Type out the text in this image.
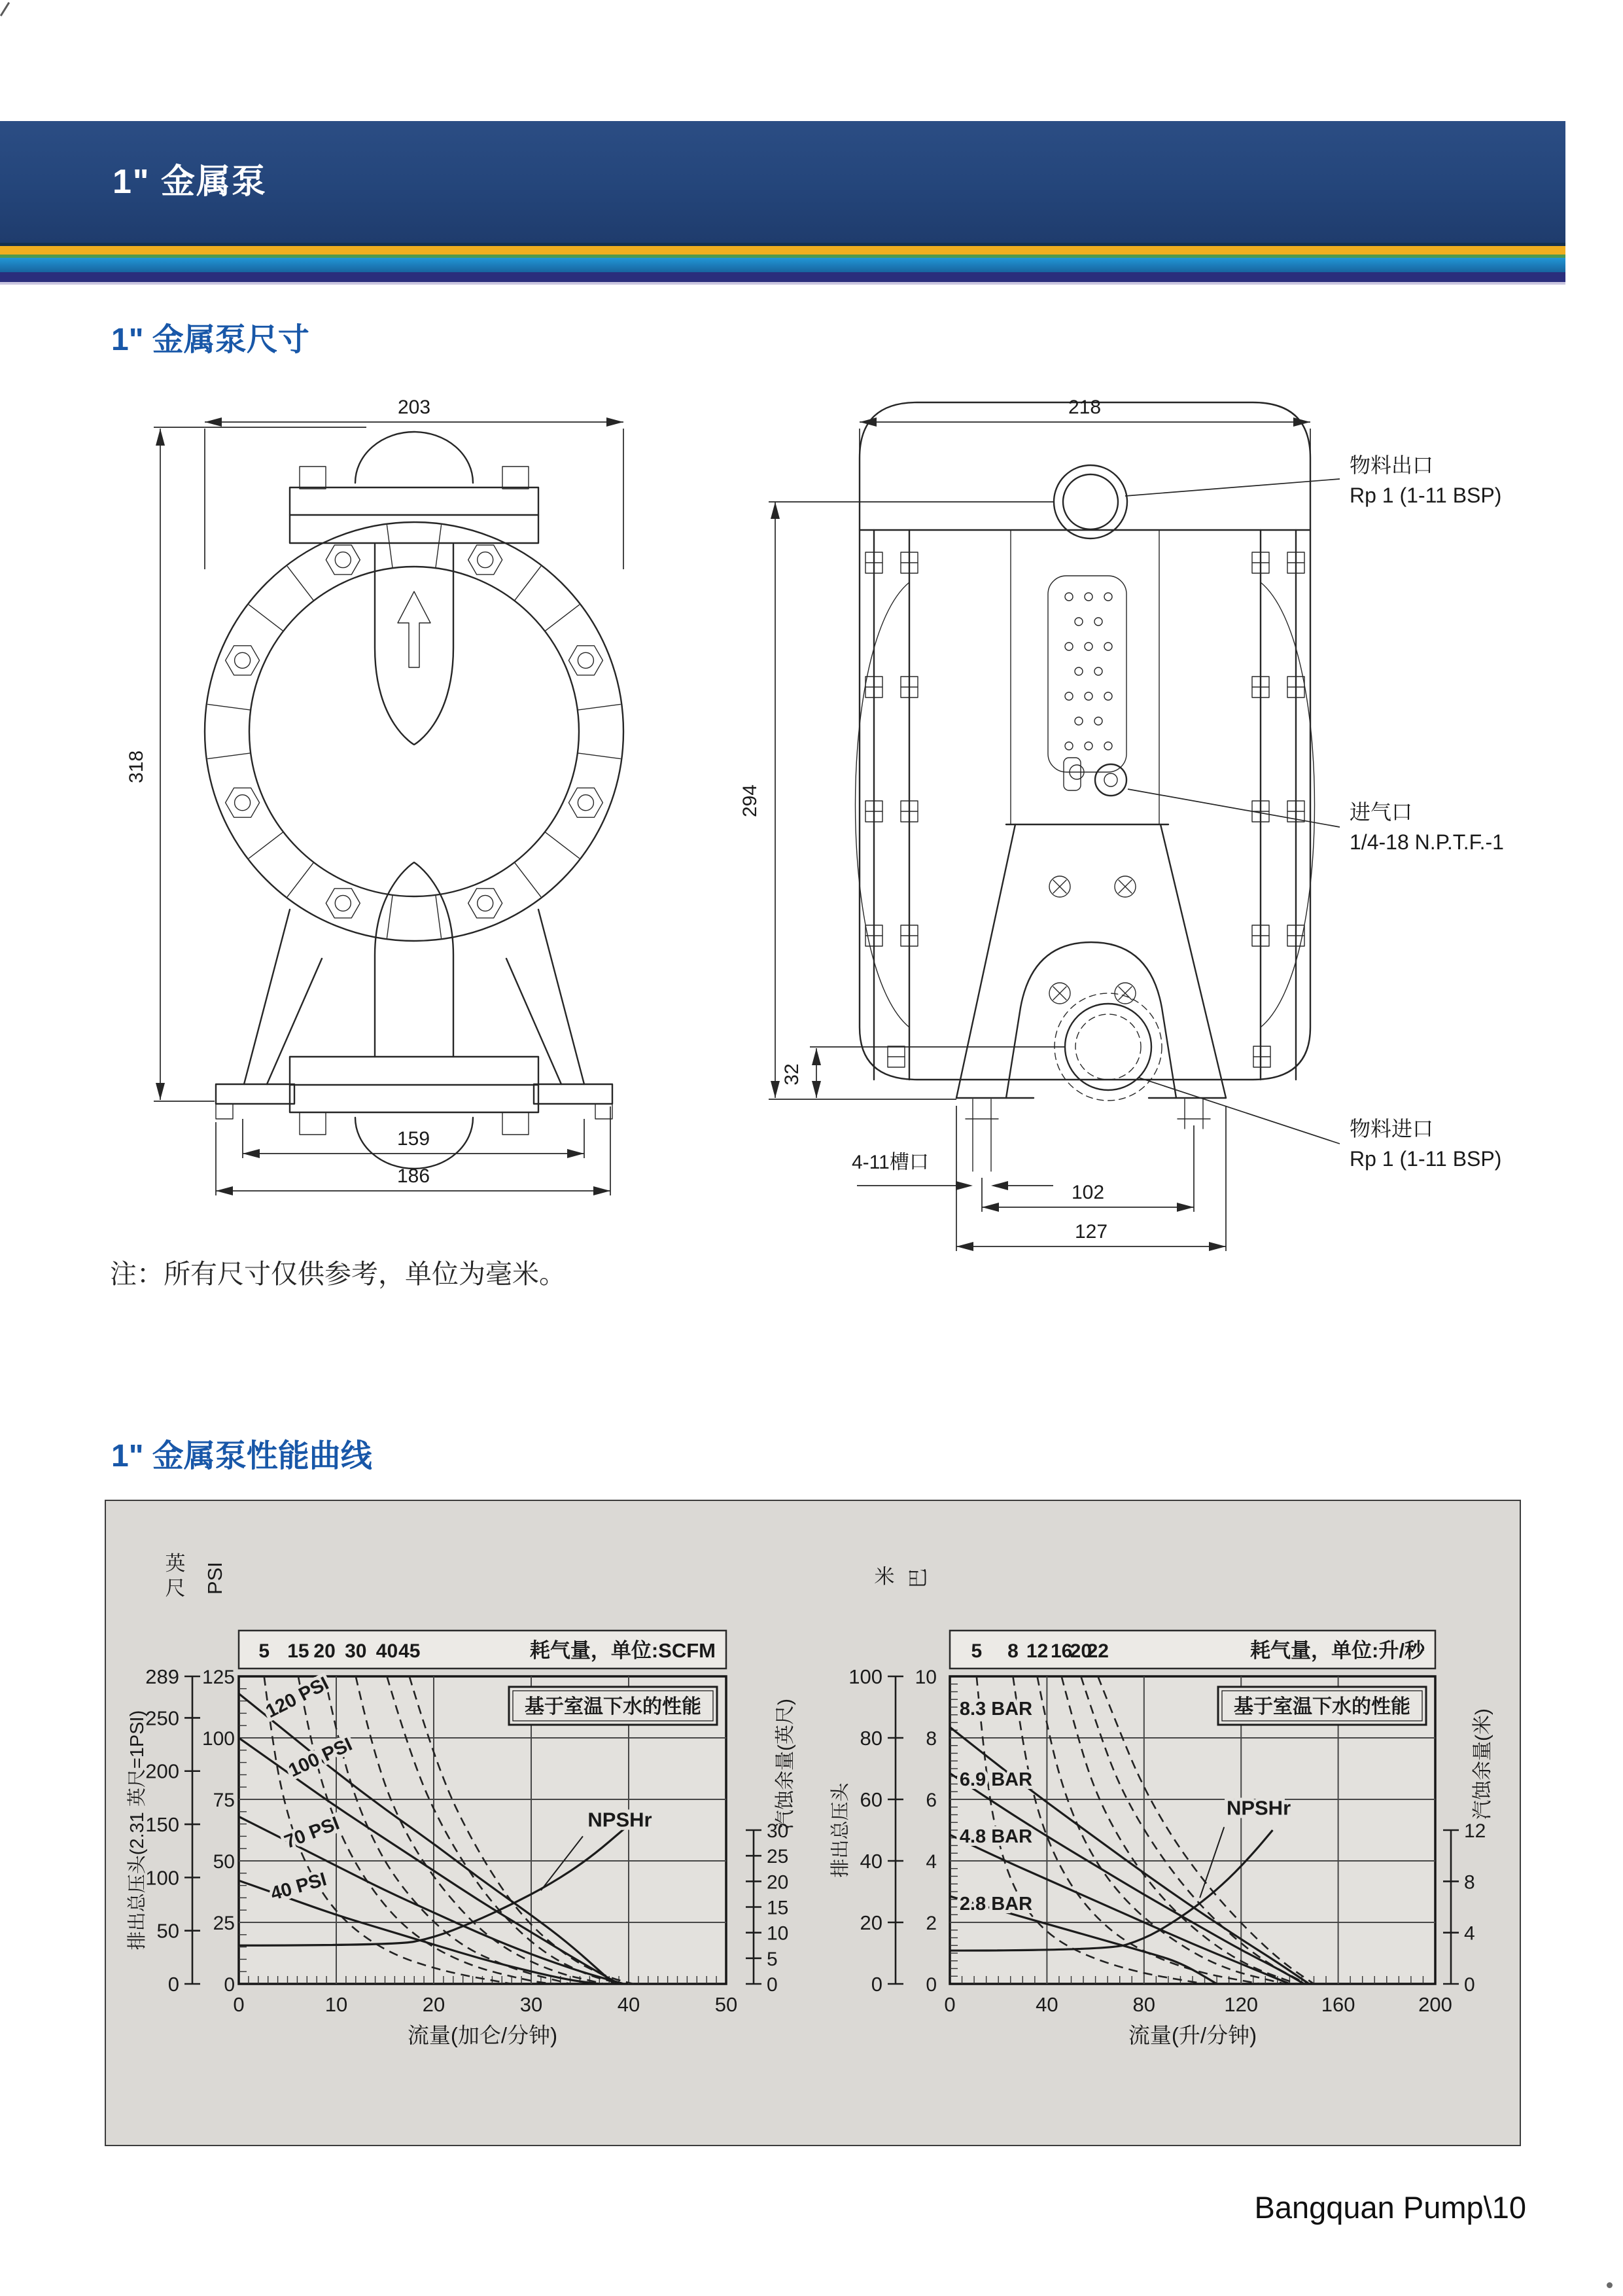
1" 金属泵
1" 金属泵尺寸
203
318
159
186
218
294
32
4-11槽口
102
127
物料出口
Rp 1 (1-11 BSP)
进气口
1/4-18 N.P.T.F.-1
物料进口
Rp 1 (1-11 BSP)
注：所有尺寸仅供参考，单位为毫米。
1" 金属泵性能曲线
5 15 20 30 40 45	耗气量，单位:SCFM
0	10	20	30	40	50
流量(加仑/分钟)
0
25
50
75
100
125
PSI
0
50
100
150
200
250
289
英
尺
排出总压头(2.31 英尺=1PSI)
0
5
10
15
20
25
30
汽蚀余量(英尺)
基于室温下水的性能
120 PSI
100 PSI
70 PSI
40 PSI
NPSHr
5 8 12 16
20
22	耗气量，单位:升/秒
0	40	80	120	160	200
流量(升/分钟)
0
2
4
6
8
10
巴
0
20
40
60
80
100
米
排出总压头
0
4
8
12
汽蚀余量(米)
基于室温下水的性能
8.3 BAR
6.9 BAR
4.8 BAR
2.8 BAR
NPSHr
Bangquan Pump\10
